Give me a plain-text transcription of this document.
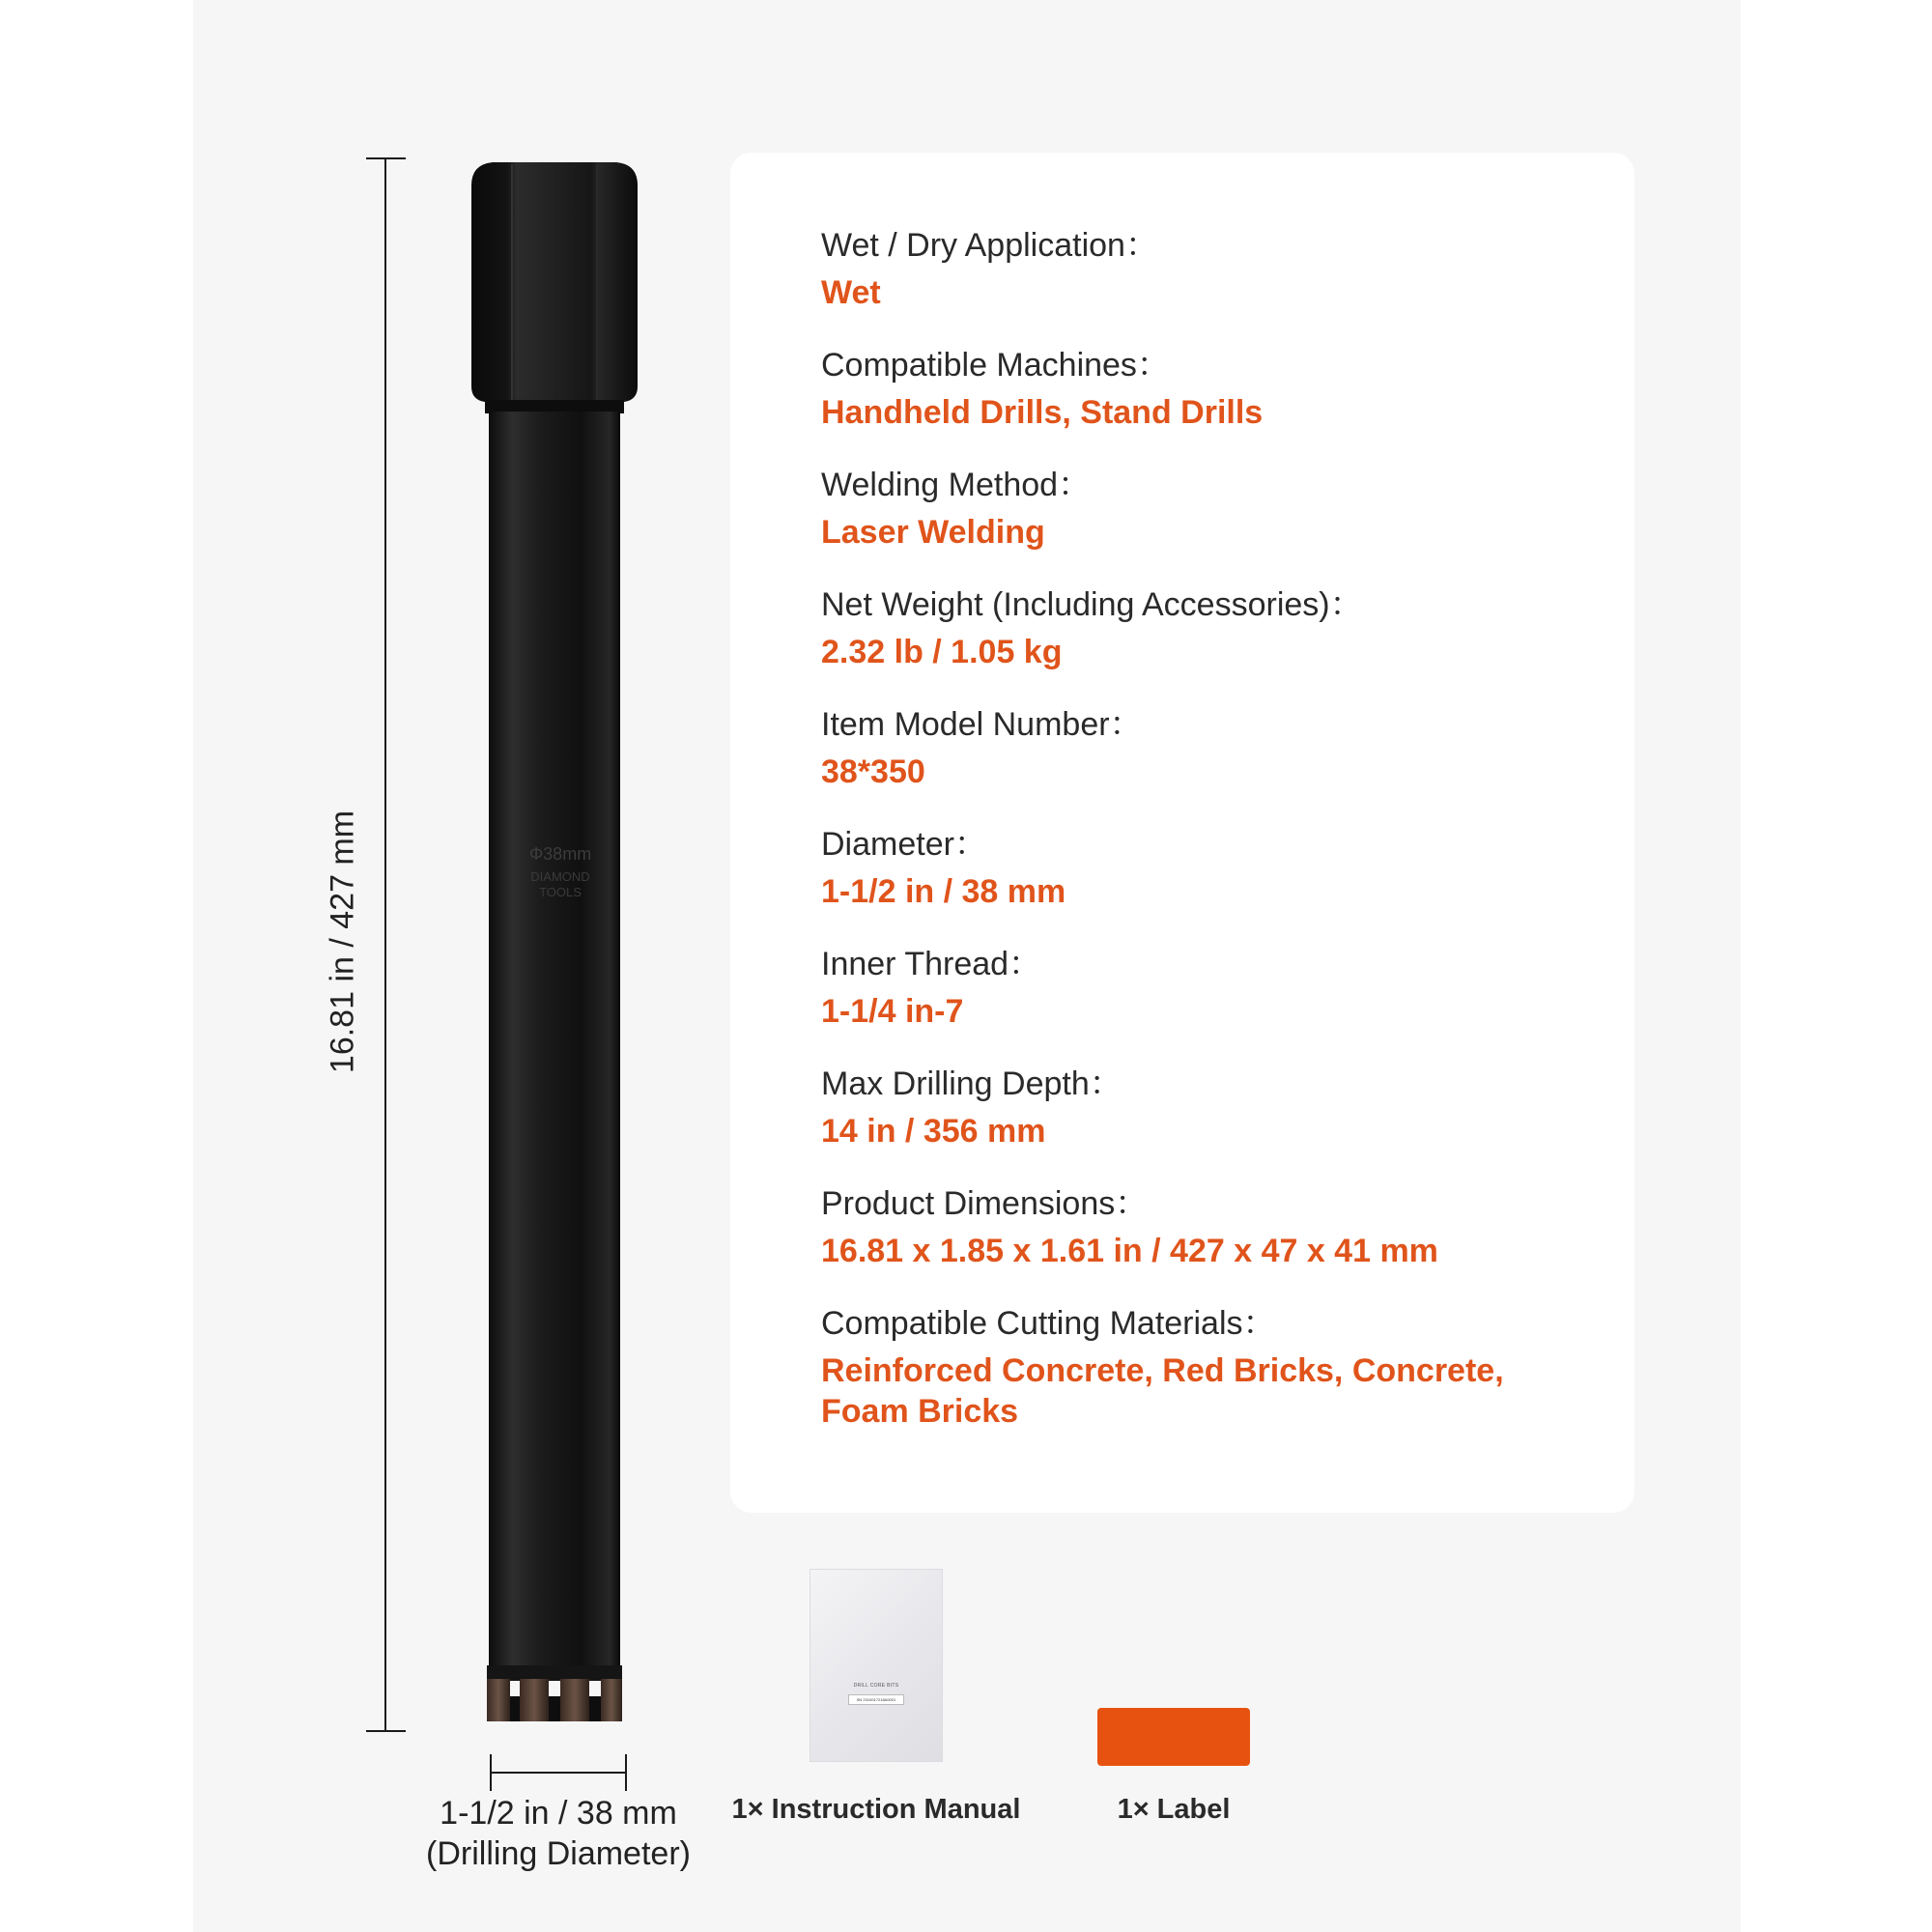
16.81 in / 427 mm	Φ38mm
DIAMOND
TOOLS
1-1/2 in / 38 mm
(Drilling Diameter)
Wet / Dry Application：
Wet
Compatible Machines：
Handheld Drills, Stand Drills
Welding Method：
Laser Welding
Net Weight (Including Accessories)：
2.32 lb / 1.05 kg
Item Model Number：
38*350
Diameter：
1-1/2 in / 38 mm
Inner Thread：
1-1/4 in-7
Max Drilling Depth：
14 in / 356 mm
Product Dimensions：
16.81 x 1.85 x 1.61 in / 427 x 47 x 41 mm
Compatible Cutting Materials：
Reinforced Concrete, Red Bricks, Concrete,
Foam Bricks
DRILL CORE BITS
SN 2310017218A0001
1× Instruction Manual	1× Label
